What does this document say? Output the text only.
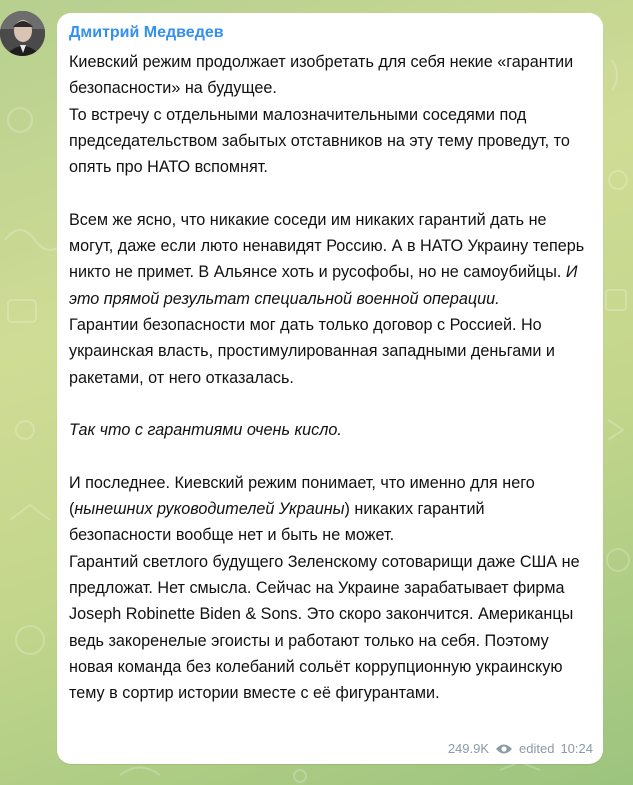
Дмитрий Медведев

Киевский режим продолжает изобретать для себя некие «гарантии безопасности» на будущее.

То встречу с отдельными малозначительными соседями под председательством забытых отставников на эту тему проведут, то опять про НАТО вспомнят.

Всем же ясно, что никакие соседи им никаких гарантий дать не могут, даже если люто ненавидят Россию. А в НАТО Украину теперь никто не примет. В Альянсе хоть и русофобы, но не самоубийцы. И это прямой результат специальной военной операции.

Гарантии безопасности мог дать только договор с Россией. Но украинская власть, простимулированная западными деньгами и ракетами, от него отказалась.

Так что с гарантиями очень кисло.

И последнее. Киевский режим понимает, что именно для него (нынешних руководителей Украины) никаких гарантий безопасности вообще нет и быть не может.

Гарантий светлого будущего Зеленскому сотоварищи даже США не предложат. Нет смысла. Сейчас на Украине зарабатывает фирма Joseph Robinette Biden & Sons. Это скоро закончится. Американцы ведь закоренелые эгоисты и работают только на себя. Поэтому новая команда без колебаний сольёт коррупционную украинскую тему в сортир истории вместе с её фигурантами.

249.9K edited 10:24
